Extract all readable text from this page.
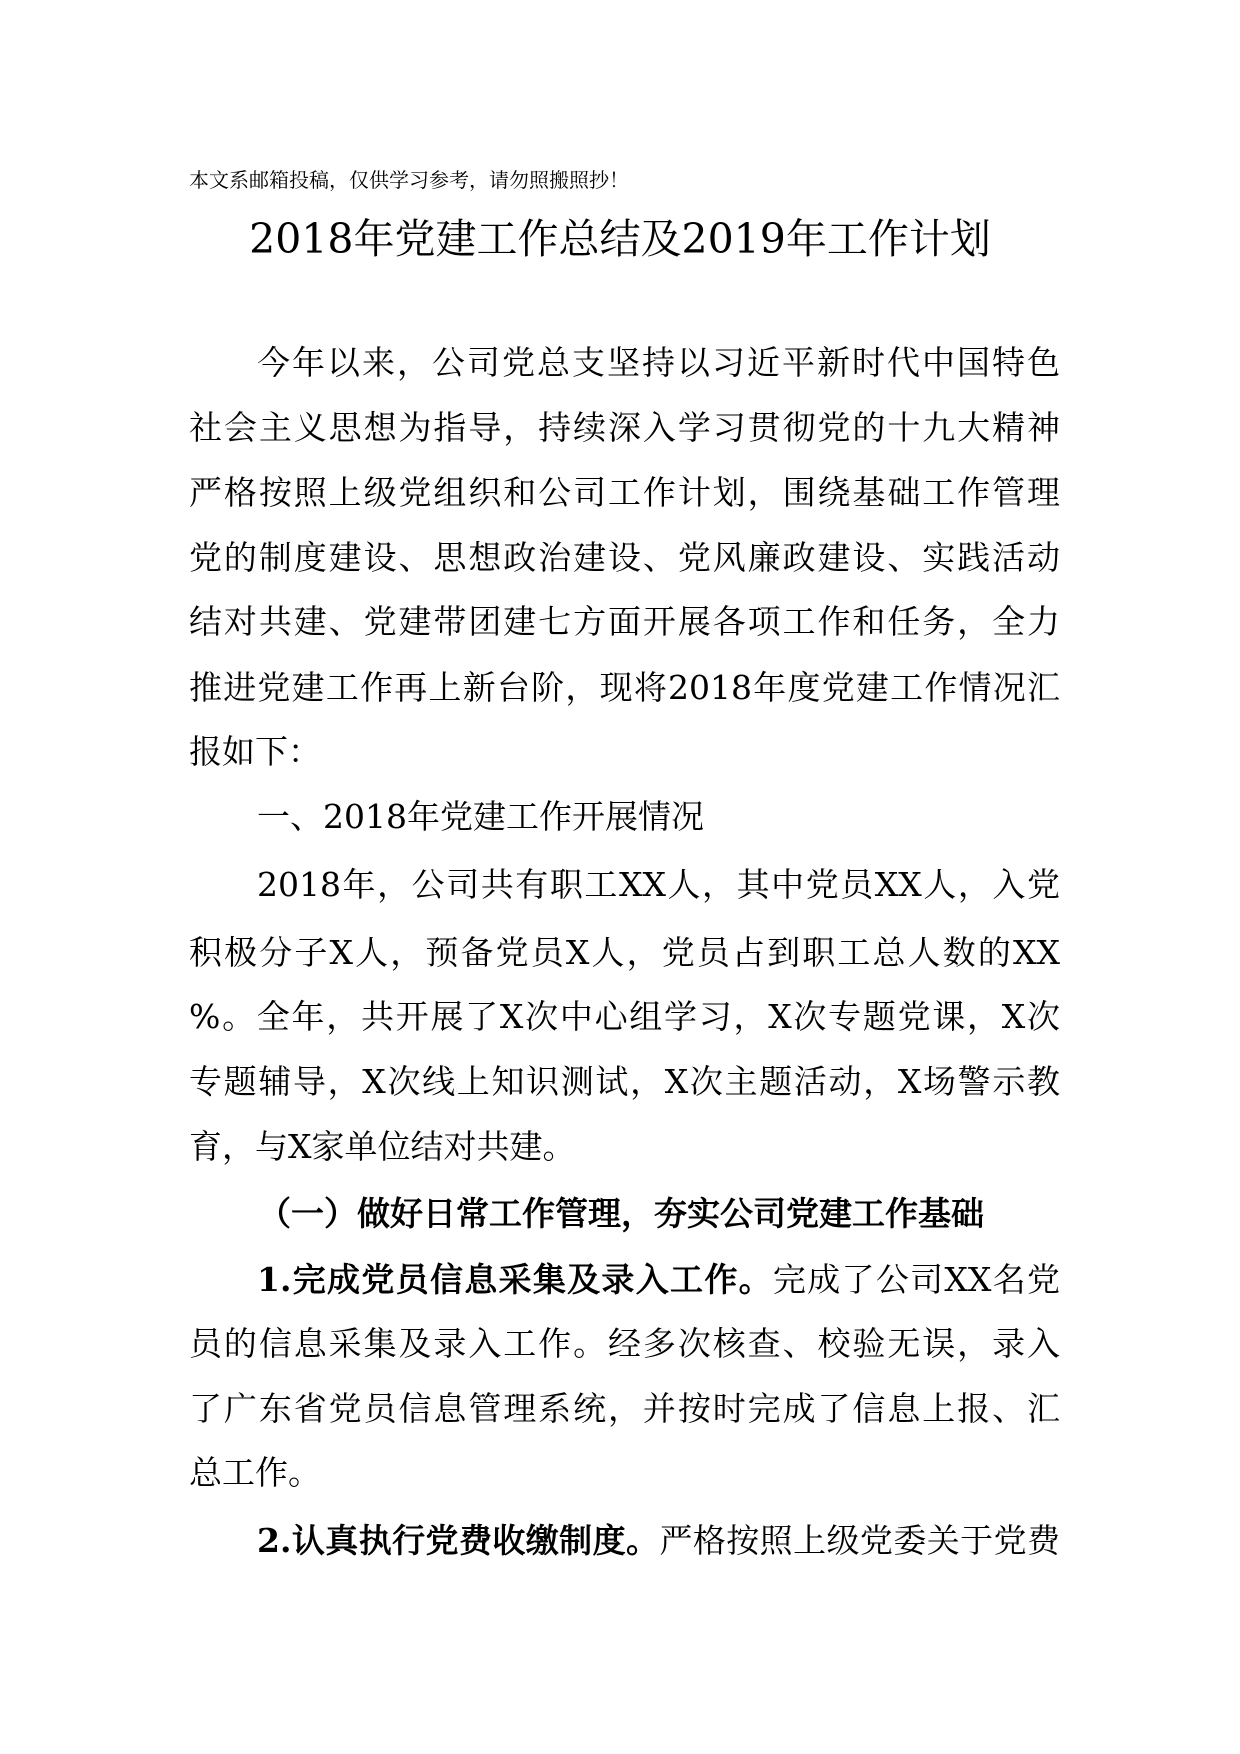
本文系邮箱投稿，仅供学习参考，请勿照搬照抄！
2018年党建工作总结及2019年工作计划
今年以来，公司党总支坚持以习近平新时代中国特色
社会主义思想为指导，持续深入学习贯彻党的十九大精神
严格按照上级党组织和公司工作计划，围绕基础工作管理
党的制度建设、思想政治建设、党风廉政建设、实践活动
结对共建、党建带团建七方面开展各项工作和任务，全力
推进党建工作再上新台阶，现将2018年度党建工作情况汇
报如下：
一、2018年党建工作开展情况
2018年，公司共有职工XX人，其中党员XX人，入党
积极分子X人，预备党员X人，党员占到职工总人数的XX
%。全年，共开展了X次中心组学习，X次专题党课，X次
专题辅导，X次线上知识测试，X次主题活动，X场警示教
育，与X家单位结对共建。
（一）做好日常工作管理，夯实公司党建工作基础
1.完成党员信息采集及录入工作。完成了公司XX名党
员的信息采集及录入工作。经多次核查、校验无误，录入
了广东省党员信息管理系统，并按时完成了信息上报、汇
总工作。
2.认真执行党费收缴制度。严格按照上级党委关于党费
